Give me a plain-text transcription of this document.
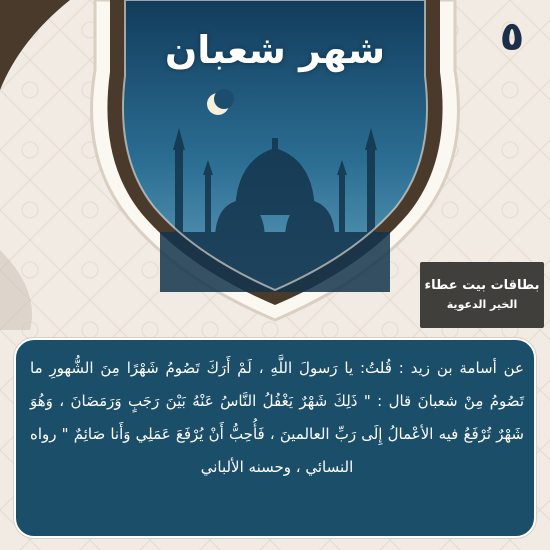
شهر شعبان	٥
بطاقات بيت عطاء
الخير الدعوية
عن أسامة بن زيد : قُلتُ: يا رَسولَ اللَّهِ ، لَمْ أَرَكَ تَصُومُ شَهْرًا مِنَ الشُّهورِ ما تَصُومُ مِنْ شعبانَ قال : " ذَلِكَ شَهْرٌ يَغْفُلُ النَّاسُ عَنْهُ بَيْنَ رَجَبٍ وَرَمَضَانَ ، وَهُوَ شَهْرٌ تُرْفَعُ فيه الأعْمالُ إِلَى رَبِّ العالمينَ ، فَأُحِبُّ أَنْ يُرْفَعَ عَمَلِي وَأَنا صَائِمٌ " رواه النسائي ، وحسنه الألباني
